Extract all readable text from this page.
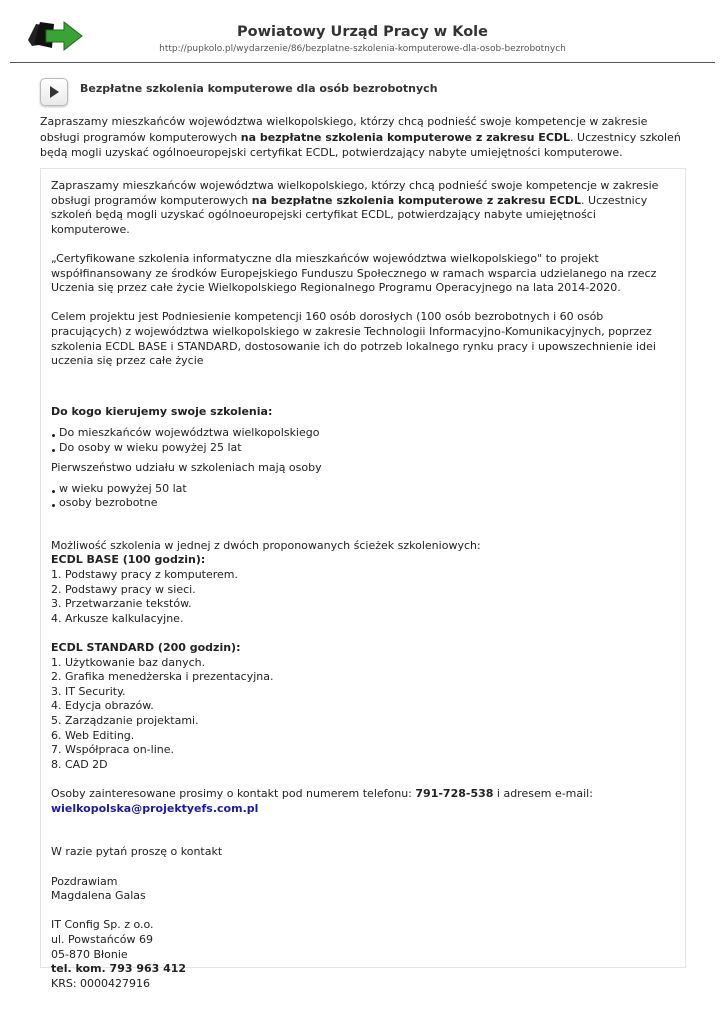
Powiatowy Urząd Pracy w Kole
http://pupkolo.pl/wydarzenie/86/bezplatne-szkolenia-komputerowe-dla-osob-bezrobotnych
Bezpłatne szkolenia komputerowe dla osób bezrobotnych
Zapraszamy mieszkańców województwa wielkopolskiego, którzy chcą podnieść swoje kompetencje w zakresie obsługi programów komputerowych na bezpłatne szkolenia komputerowe z zakresu ECDL. Uczestnicy szkoleń będą mogli uzyskać ogólnoeuropejski certyfikat ECDL, potwierdzający nabyte umiejętności komputerowe.

Zapraszamy mieszkańców województwa wielkopolskiego, którzy chcą podnieść swoje kompetencje w zakresie obsługi programów komputerowych na bezpłatne szkolenia komputerowe z zakresu ECDL. Uczestnicy szkoleń będą mogli uzyskać ogólnoeuropejski certyfikat ECDL, potwierdzający nabyte umiejętności komputerowe.

„Certyfikowane szkolenia informatyczne dla mieszkańców województwa wielkopolskiego" to projekt współfinansowany ze środków Europejskiego Funduszu Społecznego w ramach wsparcia udzielanego na rzecz Uczenia się przez całe życie Wielkopolskiego Regionalnego Programu Operacyjnego na lata 2014-2020.

Celem projektu jest Podniesienie kompetencji 160 osób dorosłych (100 osób bezrobotnych i 60 osób pracujących) z województwa wielkopolskiego w zakresie Technologii Informacyjno-Komunikacyjnych, poprzez szkolenia ECDL BASE i STANDARD, dostosowanie ich do potrzeb lokalnego rynku pracy i upowszechnienie idei uczenia się przez całe życie

Do kogo kierujemy swoje szkolenia:

Do mieszkańców województwa wielkopolskiego
Do osoby w wieku powyżej 25 lat

Pierwszeństwo udziału w szkoleniach mają osoby

w wieku powyżej 50 lat
osoby bezrobotne

Możliwość szkolenia w jednej z dwóch proponowanych ścieżek szkoleniowych:

ECDL BASE (100 godzin):

1. Podstawy pracy z komputerem.

2. Podstawy pracy w sieci.

3. Przetwarzanie tekstów.

4. Arkusze kalkulacyjne.

ECDL STANDARD (200 godzin):

1. Użytkowanie baz danych.

2. Grafika menedżerska i prezentacyjna.

3. IT Security.

4. Edycja obrazów.

5. Zarządzanie projektami.

6. Web Editing.

7. Współpraca on-line.

8. CAD 2D

Osoby zainteresowane prosimy o kontakt pod numerem telefonu: 791-728-538 i adresem e-mail:
wielkopolska@projektyefs.com.pl

W razie pytań proszę o kontakt

Pozdrawiam

Magdalena Galas

IT Config Sp. z o.o.

ul. Powstańców 69

05-870 Błonie

tel. kom. 793 963 412

KRS: 0000427916
